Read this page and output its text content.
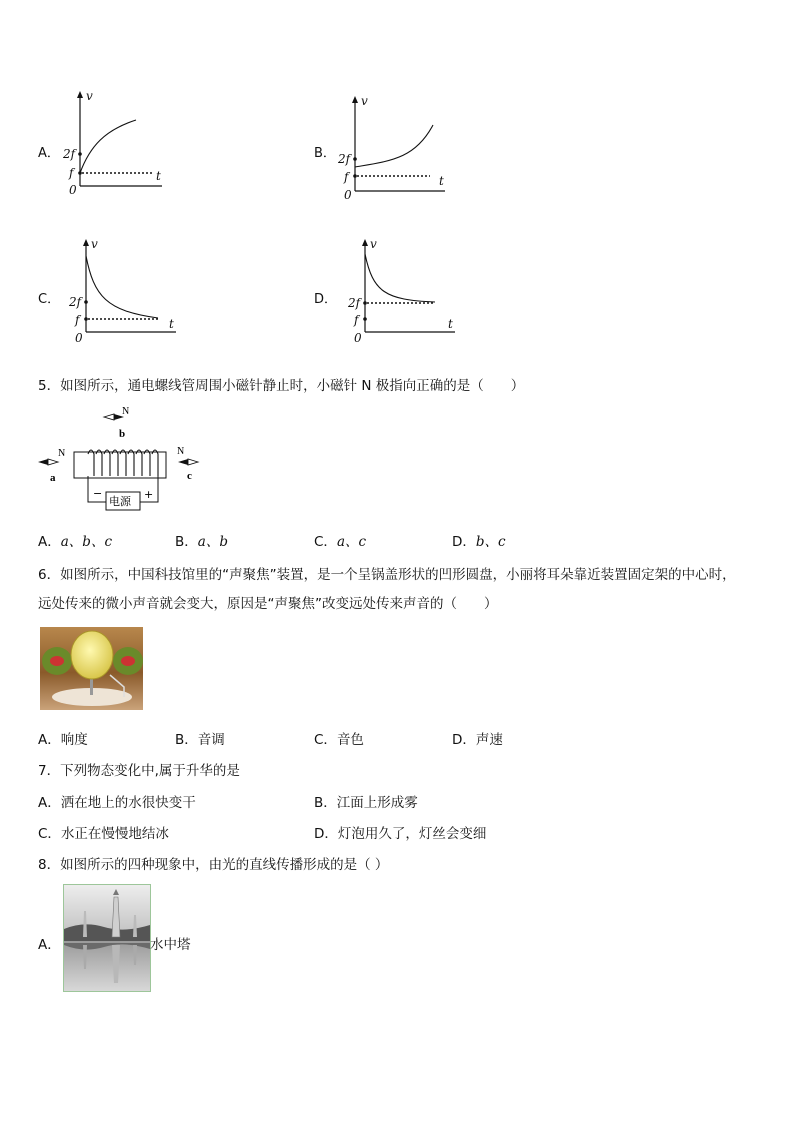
A．
v
t
2f
f
0
B．
v
t
2f
f
0
C．
v
t
2f
f
0
D．
v
t
2f
f
0
5．如图所示，通电螺线管周围小磁针静止时，小磁针 N 极指向正确的是（　　）
N
b
N
a
电源
−	+
N
c
A．a、b、c	B．a、b	C．a、c	D．b、c
6．如图所示，中国科技馆里的“声聚焦”装置，是一个呈锅盖形状的凹形圆盘，小丽将耳朵靠近装置固定架的中心时，
远处传来的微小声音就会变大，原因是“声聚焦”改变远处传来声音的（　　）
A．响度	B．音调	C．音色	D．声速
7．下列物态变化中,属于升华的是
A．洒在地上的水很快变干	B．江面上形成雾
C．水正在慢慢地结冰	D．灯泡用久了，灯丝会变细
8．如图所示的四种现象中，由光的直线传播形成的是（ ）
A．	水中塔
